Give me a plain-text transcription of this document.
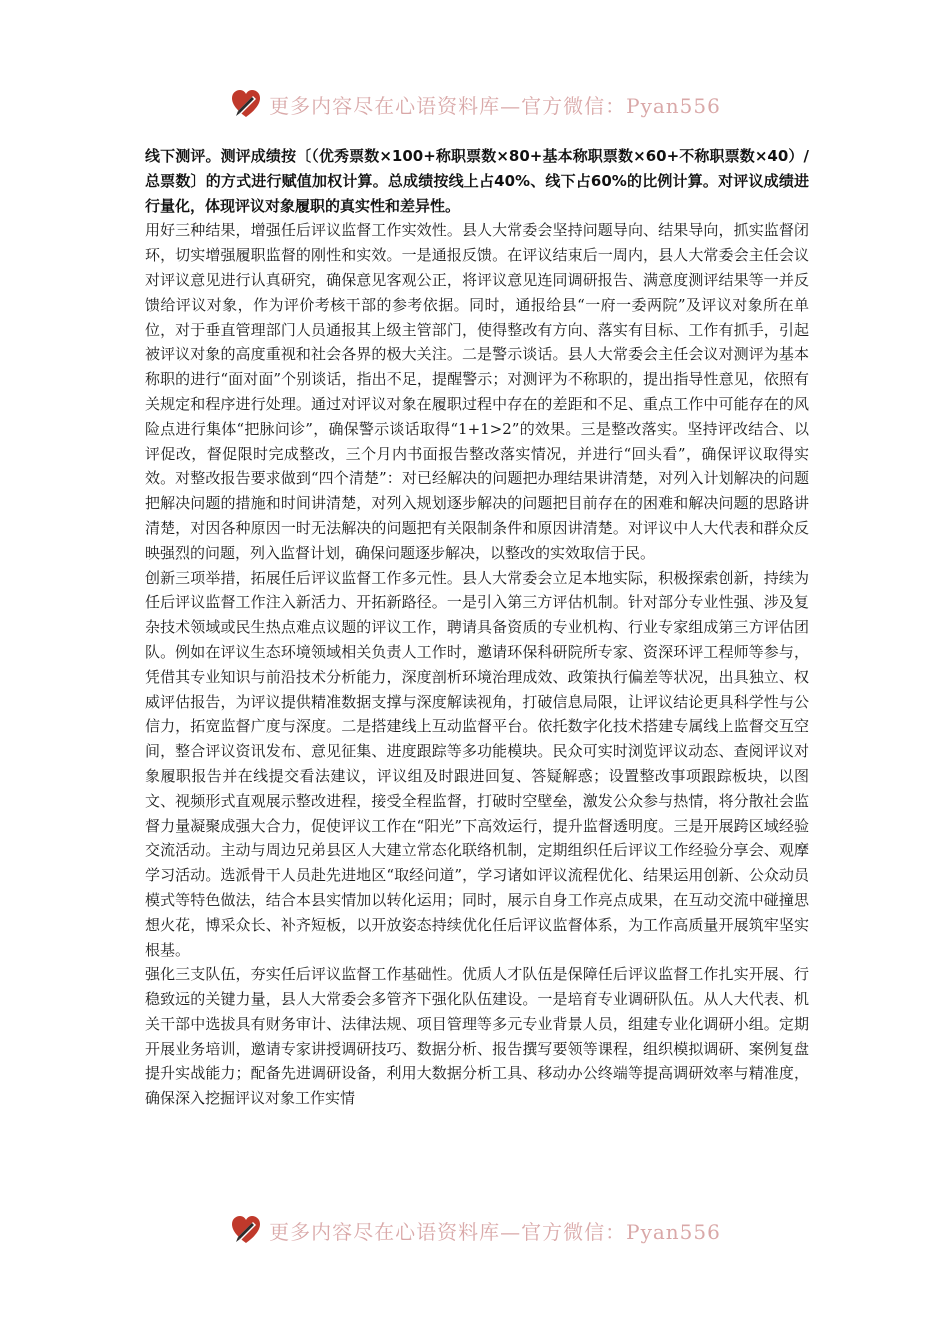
更多内容尽在心语资料库—官方微信：Pyan556

线下测评。测评成绩按〔（优秀票数×100+称职票数×80+基本称职票数×60+不称职票数×40）/总票数〕的方式进行赋值加权计算。总成绩按线上占40%、线下占60%的比例计算。对评议成绩进行量化，体现评议对象履职的真实性和差异性。

用好三种结果，增强任后评议监督工作实效性。县人大常委会坚持问题导向、结果导向，抓实监督闭环，切实增强履职监督的刚性和实效。一是通报反馈。在评议结束后一周内，县人大常委会主任会议对评议意见进行认真研究，确保意见客观公正，将评议意见连同调研报告、满意度测评结果等一并反馈给评议对象，作为评价考核干部的参考依据。同时，通报给县“一府一委两院”及评议对象所在单位，对于垂直管理部门人员通报其上级主管部门，使得整改有方向、落实有目标、工作有抓手，引起被评议对象的高度重视和社会各界的极大关注。二是警示谈话。县人大常委会主任会议对测评为基本称职的进行“面对面”个别谈话，指出不足，提醒警示；对测评为不称职的，提出指导性意见，依照有关规定和程序进行处理。通过对评议对象在履职过程中存在的差距和不足、重点工作中可能存在的风险点进行集体“把脉问诊”，确保警示谈话取得“1+1>2”的效果。三是整改落实。坚持评改结合、以评促改，督促限时完成整改，三个月内书面报告整改落实情况，并进行“回头看”，确保评议取得实效。对整改报告要求做到“四个清楚”：对已经解决的问题把办理结果讲清楚，对列入计划解决的问题把解决问题的措施和时间讲清楚，对列入规划逐步解决的问题把目前存在的困难和解决问题的思路讲清楚，对因各种原因一时无法解决的问题把有关限制条件和原因讲清楚。对评议中人大代表和群众反映强烈的问题，列入监督计划，确保问题逐步解决，以整改的实效取信于民。

创新三项举措，拓展任后评议监督工作多元性。县人大常委会立足本地实际，积极探索创新，持续为任后评议监督工作注入新活力、开拓新路径。一是引入第三方评估机制。针对部分专业性强、涉及复杂技术领域或民生热点难点议题的评议工作，聘请具备资质的专业机构、行业专家组成第三方评估团队。例如在评议生态环境领域相关负责人工作时，邀请环保科研院所专家、资深环评工程师等参与，凭借其专业知识与前沿技术分析能力，深度剖析环境治理成效、政策执行偏差等状况，出具独立、权威评估报告，为评议提供精准数据支撑与深度解读视角，打破信息局限，让评议结论更具科学性与公信力，拓宽监督广度与深度。二是搭建线上互动监督平台。依托数字化技术搭建专属线上监督交互空间，整合评议资讯发布、意见征集、进度跟踪等多功能模块。民众可实时浏览评议动态、查阅评议对象履职报告并在线提交看法建议，评议组及时跟进回复、答疑解惑；设置整改事项跟踪板块，以图文、视频形式直观展示整改进程，接受全程监督，打破时空壁垒，激发公众参与热情，将分散社会监督力量凝聚成强大合力，促使评议工作在“阳光”下高效运行，提升监督透明度。三是开展跨区域经验交流活动。主动与周边兄弟县区人大建立常态化联络机制，定期组织任后评议工作经验分享会、观摩学习活动。选派骨干人员赴先进地区“取经问道”，学习诸如评议流程优化、结果运用创新、公众动员模式等特色做法，结合本县实情加以转化运用；同时，展示自身工作亮点成果，在互动交流中碰撞思想火花，博采众长、补齐短板，以开放姿态持续优化任后评议监督体系，为工作高质量开展筑牢坚实根基。

强化三支队伍，夯实任后评议监督工作基础性。优质人才队伍是保障任后评议监督工作扎实开展、行稳致远的关键力量，县人大常委会多管齐下强化队伍建设。一是培育专业调研队伍。从人大代表、机关干部中选拔具有财务审计、法律法规、项目管理等多元专业背景人员，组建专业化调研小组。定期开展业务培训，邀请专家讲授调研技巧、数据分析、报告撰写要领等课程，组织模拟调研、案例复盘提升实战能力；配备先进调研设备，利用大数据分析工具、移动办公终端等提高调研效率与精准度，确保深入挖掘评议对象工作实情

更多内容尽在心语资料库—官方微信：Pyan556
